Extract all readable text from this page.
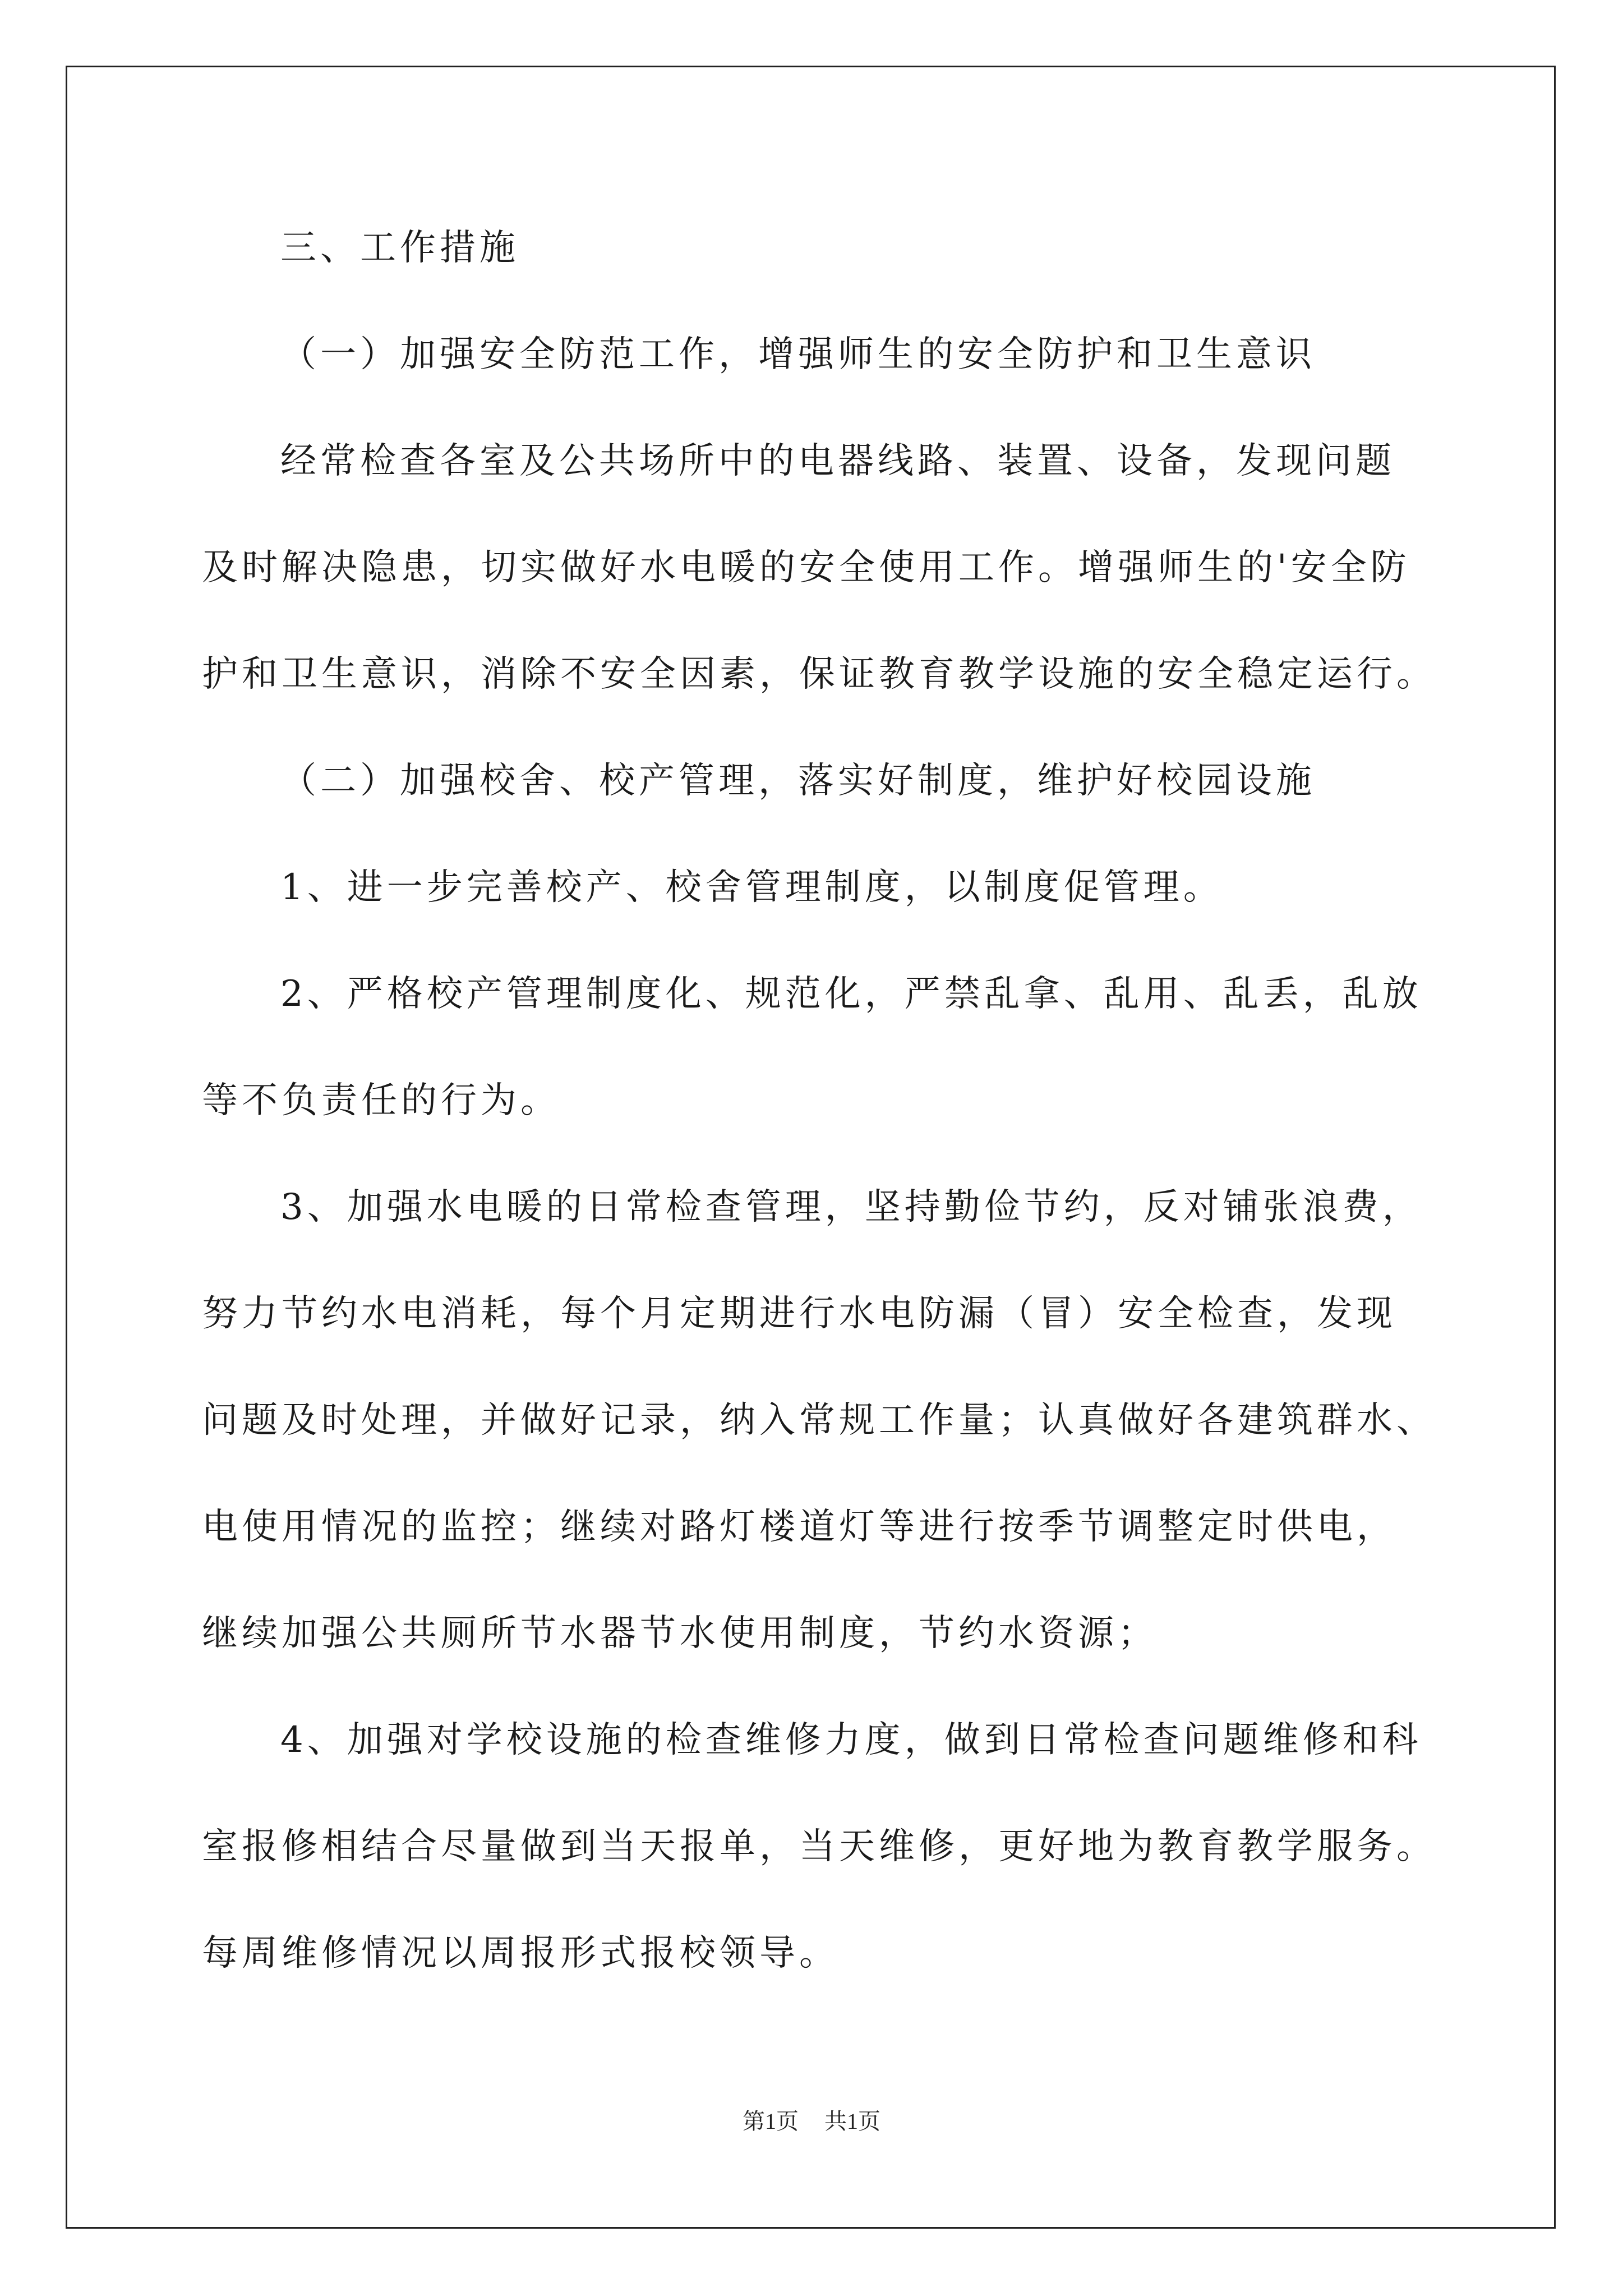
三、工作措施
（一）加强安全防范工作，增强师生的安全防护和卫生意识
经常检查各室及公共场所中的电器线路、装置、设备，发现问题
及时解决隐患，切实做好水电暖的安全使用工作。增强师生的'安全防
护和卫生意识，消除不安全因素，保证教育教学设施的安全稳定运行。
（二）加强校舍、校产管理，落实好制度，维护好校园设施
1、进一步完善校产、校舍管理制度，以制度促管理。
2、严格校产管理制度化、规范化，严禁乱拿、乱用、乱丢，乱放
等不负责任的行为。
3、加强水电暖的日常检查管理，坚持勤俭节约，反对铺张浪费，
努力节约水电消耗，每个月定期进行水电防漏（冒）安全检查，发现
问题及时处理，并做好记录，纳入常规工作量；认真做好各建筑群水、
电使用情况的监控；继续对路灯楼道灯等进行按季节调整定时供电，
继续加强公共厕所节水器节水使用制度，节约水资源；
4、加强对学校设施的检查维修力度，做到日常检查问题维修和科
室报修相结合尽量做到当天报单，当天维修，更好地为教育教学服务。
每周维修情况以周报形式报校领导。
第1页 共1页
